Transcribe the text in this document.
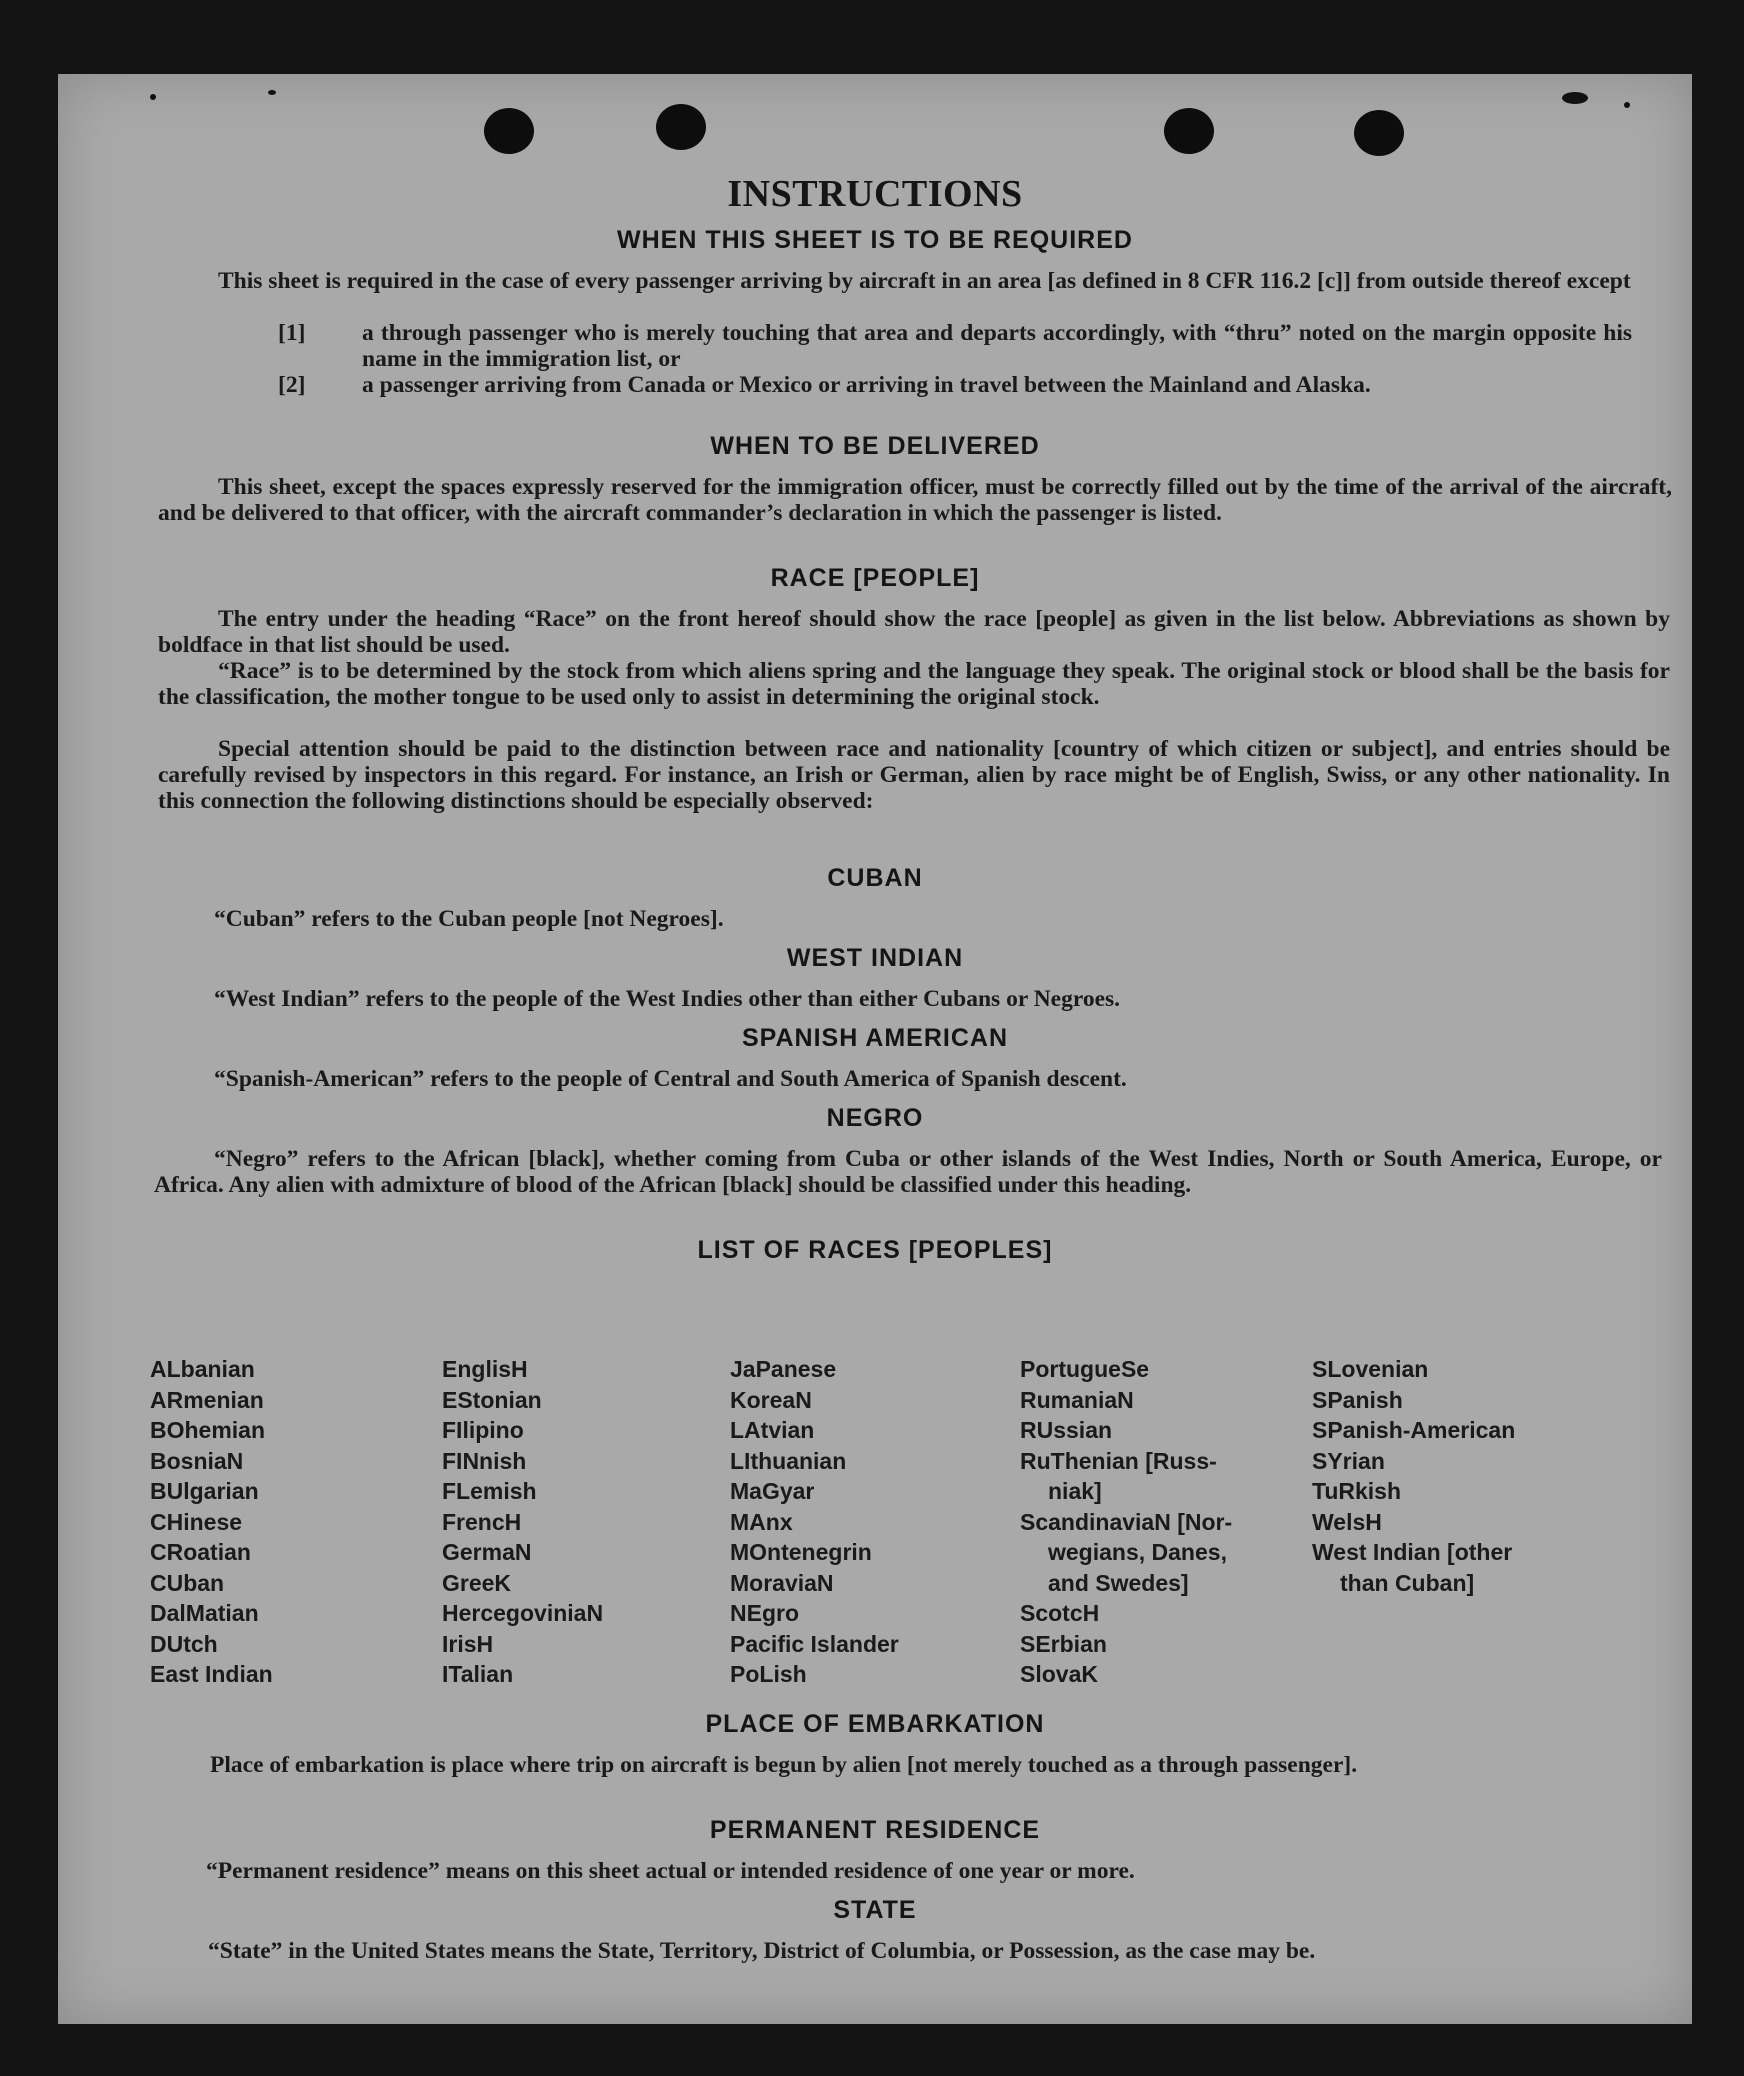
INSTRUCTIONS
WHEN THIS SHEET IS TO BE REQUIRED

This sheet is required in the case of every passenger arriving by aircraft in an area [as defined in 8 CFR 116.2 [c]] from outside thereof except

[1] a through passenger who is merely touching that area and departs accordingly, with “thru” noted on the margin opposite his name in the immigration list, or
[2] a passenger arriving from Canada or Mexico or arriving in travel between the Mainland and Alaska.
WHEN TO BE DELIVERED

This sheet, except the spaces expressly reserved for the immigration officer, must be correctly filled out by the time of the arrival of the aircraft, and be delivered to that officer, with the aircraft commander’s declaration in which the passenger is listed.

RACE [PEOPLE]

The entry under the heading “Race” on the front hereof should show the race [people] as given in the list below. Abbreviations as shown by boldface in that list should be used.

“Race” is to be determined by the stock from which aliens spring and the language they speak. The original stock or blood shall be the basis for the classification, the mother tongue to be used only to assist in determining the original stock.

Special attention should be paid to the distinction between race and nationality [country of which citizen or subject], and entries should be carefully revised by inspectors in this regard. For instance, an Irish or German, alien by race might be of English, Swiss, or any other nationality. In this connection the following distinctions should be especially observed:

CUBAN

“Cuban” refers to the Cuban people [not Negroes].

WEST INDIAN

“West Indian” refers to the people of the West Indies other than either Cubans or Negroes.

SPANISH AMERICAN

“Spanish-American” refers to the people of Central and South America of Spanish descent.

NEGRO

“Negro” refers to the African [black], whether coming from Cuba or other islands of the West Indies, North or South America, Europe, or Africa. Any alien with admixture of blood of the African [black] should be classified under this heading.

LIST OF RACES [PEOPLES]
ALbanian
ARmenian
BOhemian
BosniaN
BUlgarian
CHinese
CRoatian
CUban
DalMatian
DUtch
East Indian
EnglisH
EStonian
FIlipino
FINnish
FLemish
FrencH
GermaN
GreeK
HercegoviniaN
IrisH
ITalian
JaPanese
KoreaN
LAtvian
LIthuanian
MaGyar
MAnx
MOntenegrin
MoraviaN
NEgro
Pacific Islander
PoLish
PortugueSe
RumaniaN
RUssian
RuThenian [Russ-
niak]
ScandinaviaN [Nor-
wegians, Danes,
and Swedes]
ScotcH
SErbian
SlovaK
SLovenian
SPanish
SPanish-American
SYrian
TuRkish
WelsH
West Indian [other
than Cuban]
PLACE OF EMBARKATION

Place of embarkation is place where trip on aircraft is begun by alien [not merely touched as a through passenger].

PERMANENT RESIDENCE

“Permanent residence” means on this sheet actual or intended residence of one year or more.

STATE

“State” in the United States means the State, Territory, District of Columbia, or Possession, as the case may be.
